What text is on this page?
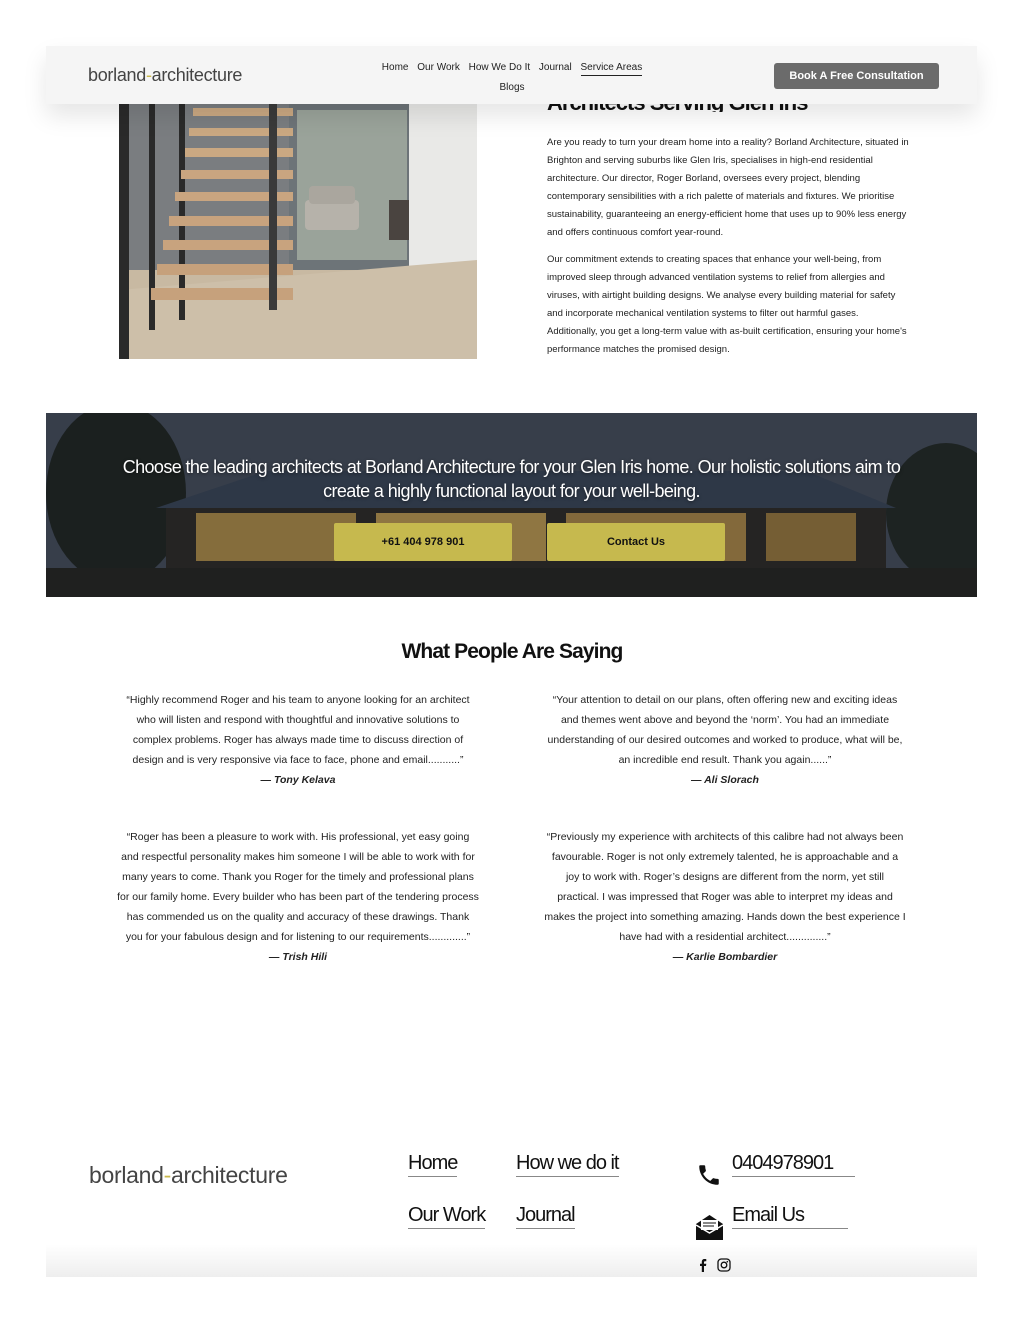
borland-architecture	Home Our Work How We Do It Journal Service Areas
Blogs
Book A Free Consultation

Are you ready to turn your dream home into a reality? Borland Architecture, situated in Brighton and serving suburbs like Glen Iris, specialises in high-end residential architecture. Our director, Roger Borland, oversees every project, blending contemporary sensibilities with a rich palette of materials and fixtures. We prioritise sustainability, guaranteeing an energy-efficient home that uses up to 90% less energy and offers continuous comfort year-round.

Our commitment extends to creating spaces that enhance your well-being, from improved sleep through advanced ventilation systems to relief from allergies and viruses, with airtight building designs. We analyse every building material for safety and incorporate mechanical ventilation systems to filter out harmful gases. Additionally, you get a long-term value with as-built certification, ensuring your home's performance matches the promised design.

Choose the leading architects at Borland Architecture for your Glen Iris home. Our holistic solutions aim to create a highly functional layout for your well-being.

+61 404 978 901	Contact Us
What People Are Saying

“Highly recommend Roger and his team to anyone looking for an architect who will listen and respond with thoughtful and innovative solutions to complex problems. Roger has always made time to discuss direction of design and is very responsive via face to face, phone and email...........”

— Tony Kelava

“Your attention to detail on our plans, often offering new and exciting ideas and themes went above and beyond the ‘norm’. You had an immediate understanding of our desired outcomes and worked to produce, what will be, an incredible end result. Thank you again......”

— Ali Slorach

“Roger has been a pleasure to work with. His professional, yet easy going and respectful personality makes him someone I will be able to work with for many years to come. Thank you Roger for the timely and professional plans for our family home. Every builder who has been part of the tendering process has commended us on the quality and accuracy of these drawings. Thank you for your fabulous design and for listening to our requirements.............”

— Trish Hili

“Previously my experience with architects of this calibre had not always been favourable. Roger is not only extremely talented, he is approachable and a joy to work with. Roger’s designs are different from the norm, yet still practical. I was impressed that Roger was able to interpret my ideas and makes the project into something amazing. Hands down the best experience I have had with a residential architect..............”

— Karlie Bombardier
borland-architecture	Home	How we do it
Our Work Journal
0404978901
Email Us
